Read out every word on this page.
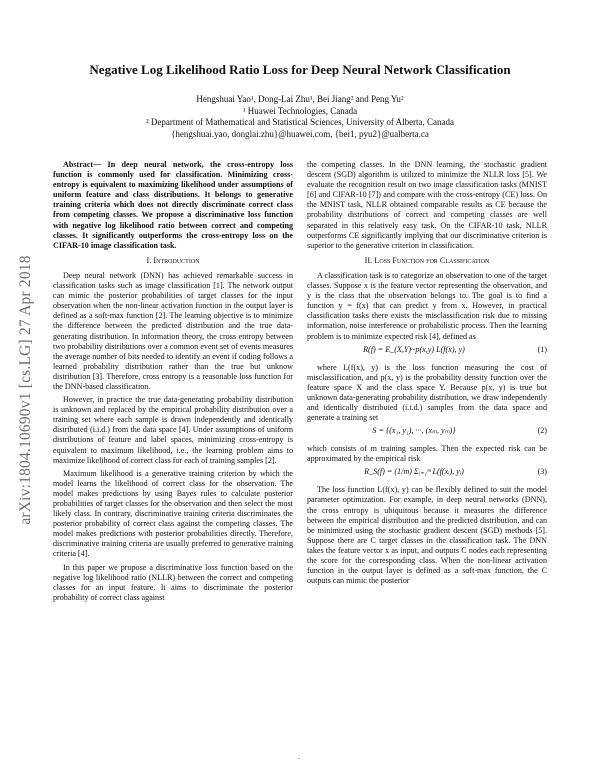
arXiv:1804.10690v1 [cs.LG] 27 Apr 2018
Negative Log Likelihood Ratio Loss for Deep Neural Network Classification
Hengshuai Yao¹, Dong-Lai Zhu¹, Bei Jiang² and Peng Yu²
¹ Huawei Technologies, Canada
² Department of Mathematical and Statistical Sciences, University of Alberta, Canada
{hengshuai.yao, donglai.zhu}@huawei.com, {bei1, pyu2}@ualberta.ca

Abstract— In deep neural network, the cross-entropy loss function is commonly used for classification. Minimizing cross-entropy is equivalent to maximizing likelihood under assumptions of uniform feature and class distributions. It belongs to generative training criteria which does not directly discriminate correct class from competing classes. We propose a discriminative loss function with negative log likelihood ratio between correct and competing classes. It significantly outperforms the cross-entropy loss on the CIFAR-10 image classification task.

I. Introduction

Deep neural network (DNN) has achieved remarkable success in classification tasks such as image classification [1]. The network output can mimic the posterior probabilities of target classes for the input observation when the non-linear activation function in the output layer is defined as a soft-max function [2]. The learning objective is to minimize the difference between the predicted distribution and the true data-generating distribution. In information theory, the cross entropy between two probability distributions over a common event set of events measures the average number of bits needed to identify an event if coding follows a learned probability distribution rather than the true but unknow distribution [3]. Therefore, cross entropy is a reasonable loss function for the DNN-based classification.

However, in practice the true data-generating probability distribution is unknown and replaced by the empirical probability distribution over a training set where each sample is drawn independently and identically distributed (i.i.d.) from the data space [4]. Under assumptions of uniform distributions of feature and label spaces, minimizing cross-entropy is equivalent to maximum likelihood, i.e., the learning problem aims to maximize likelihood of correct class for each of training samples [2].

Maximum likelihood is a generative training criterion by which the model learns the likelihood of correct class for the observation. The model makes predictions by using Bayes rules to calculate posterior probabilities of target classes for the observation and then select the most likely class. In contrary, discriminative training criteria discriminates the posterior probability of correct class against the competing classes. The model makes predictions with posterior probabilities directly. Therefore, discriminative training criteria are usually preferred to generative training criteria [4].

In this paper we propose a discriminative loss function based on the negative log likelihood ratio (NLLR) between the correct and competing classes for an input feature. It aims to discriminate the posterior probability of correct class against

the competing classes. In the DNN learning, the stochastic gradient descent (SGD) algorithm is utilized to minimize the NLLR loss [5]. We evaluate the recognition result on two image classification tasks (MNIST [6] and CIFAR-10 [7]) and compare with the cross-entropy (CE) loss. On the MNIST task, NLLR obtained comparable results as CE because the probability distributions of correct and competing classes are well separated in this relatively easy task. On the CIFAR-10 task, NLLR outperforms CE significantly implying that our discriminative criterion is superior to the generative criterion in classification.

II. Loss Function for Classification

A classification task is to categorize an observation to one of the target classes. Suppose x is the feature vector representing the observation, and y is the class that the observation belongs to. The goal is to find a function y = f(x) that can predict y from x. However, in practical classification tasks there exists the misclassification risk due to missing information, noise interference or probabilistic process. Then the learning problem is to minimize expected risk [4], defined as

R(f) = E_(X,Y)~p(x,y) L(f(x), y)	(1)

where L(f(x), y) is the loss function measuring the cost of misclassification, and p(x, y) is the probability density function over the feature space X and the class space Y. Because p(x, y) is true but unknown data-generating probability distribution, we draw independently and identically distributed (i.i.d.) samples from the data space and generate a training set

S = {(x₁, y₁), ···, (xₘ, yₘ)}	(2)

which consists of m training samples. Then the expected risk can be approximated by the empirical risk

R_S(f) = (1/m) Σᵢ₌₁ᵐ L(f(xᵢ), yᵢ)	(3)

The loss function L(f(x), y) can be flexibly defined to suit the model parameter optimization. For example, in deep neural networks (DNN), the cross entropy is ubiquitous because it measures the difference between the empirical distribution and the predicted distribution, and can be minimized using the stochastic gradient descent (SGD) methods [5]. Suppose there are C target classes in the classification task. The DNN takes the feature vector x as input, and outputs C nodes each representing the score for the corresponding class. When the non-linear activation function in the output layer is defined as a soft-max function, the C outputs can mimic the posterior

.
